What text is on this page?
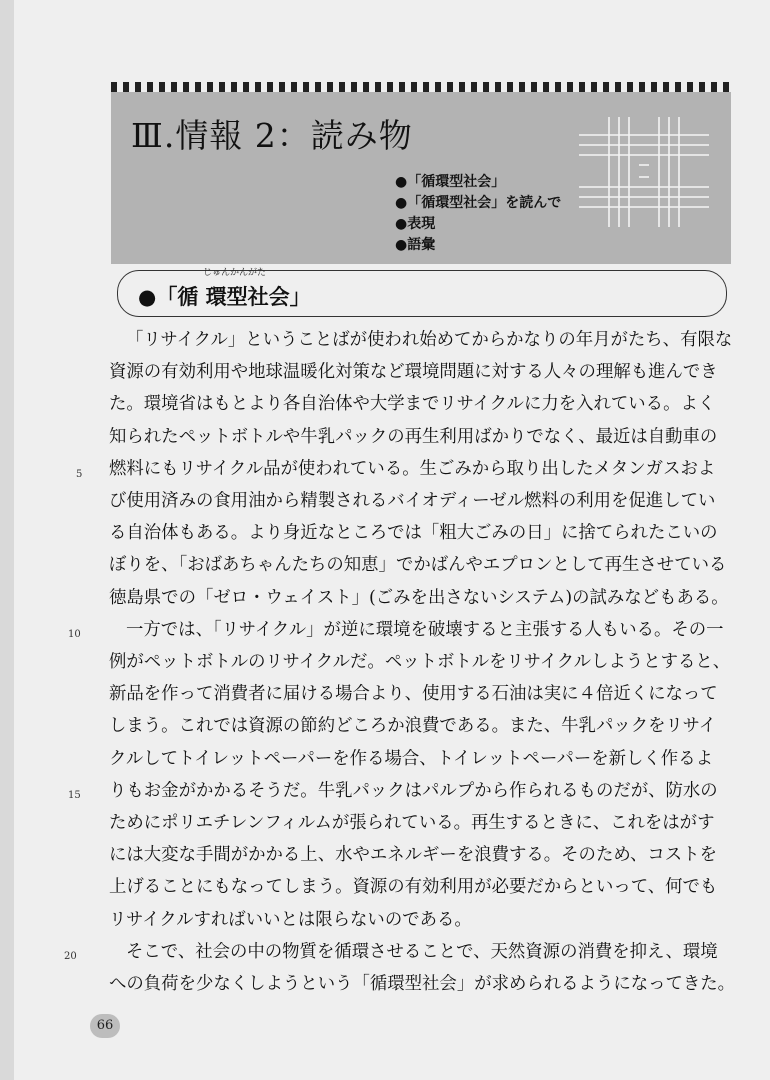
Ⅲ.情報 2：読み物
●「循環型社会」
●「循環型社会」を読んで
●表現
●語彙
じゅんかんがた
●「循 環型社会」

「リサイクル」ということばが使われ始めてからかなりの年月がたち、有限な

資源の有効利用や地球温暖化対策など環境問題に対する人々の理解も進んでき

た。環境省はもとより各自治体や大学までリサイクルに力を入れている。よく

知られたペットボトルや牛乳パックの再生利用ばかりでなく、最近は自動車の

燃料にもリサイクル品が使われている。生ごみから取り出したメタンガスおよ

び使用済みの食用油から精製されるバイオディーゼル燃料の利用を促進してい

る自治体もある。より身近なところでは「粗大ごみの日」に捨てられたこいの

ぼりを、「おばあちゃんたちの知恵」でかばんやエプロンとして再生させている

徳島県での「ゼロ・ウェイスト」(ごみを出さないシステム)の試みなどもある。

一方では、「リサイクル」が逆に環境を破壊すると主張する人もいる。その一

例がペットボトルのリサイクルだ。ペットボトルをリサイクルしようとすると、

新品を作って消費者に届ける場合より、使用する石油は実に４倍近くになって

しまう。これでは資源の節約どころか浪費である。また、牛乳パックをリサイ

クルしてトイレットペーパーを作る場合、トイレットペーパーを新しく作るよ

りもお金がかかるそうだ。牛乳パックはパルプから作られるものだが、防水の

ためにポリエチレンフィルムが張られている。再生するときに、これをはがす

には大変な手間がかかる上、水やエネルギーを浪費する。そのため、コストを

上げることにもなってしまう。資源の有効利用が必要だからといって、何でも

リサイクルすればいいとは限らないのである。

そこで、社会の中の物質を循環させることで、天然資源の消費を抑え、環境

への負荷を少なくしようという「循環型社会」が求められるようになってきた。

5
10
15
20
66
